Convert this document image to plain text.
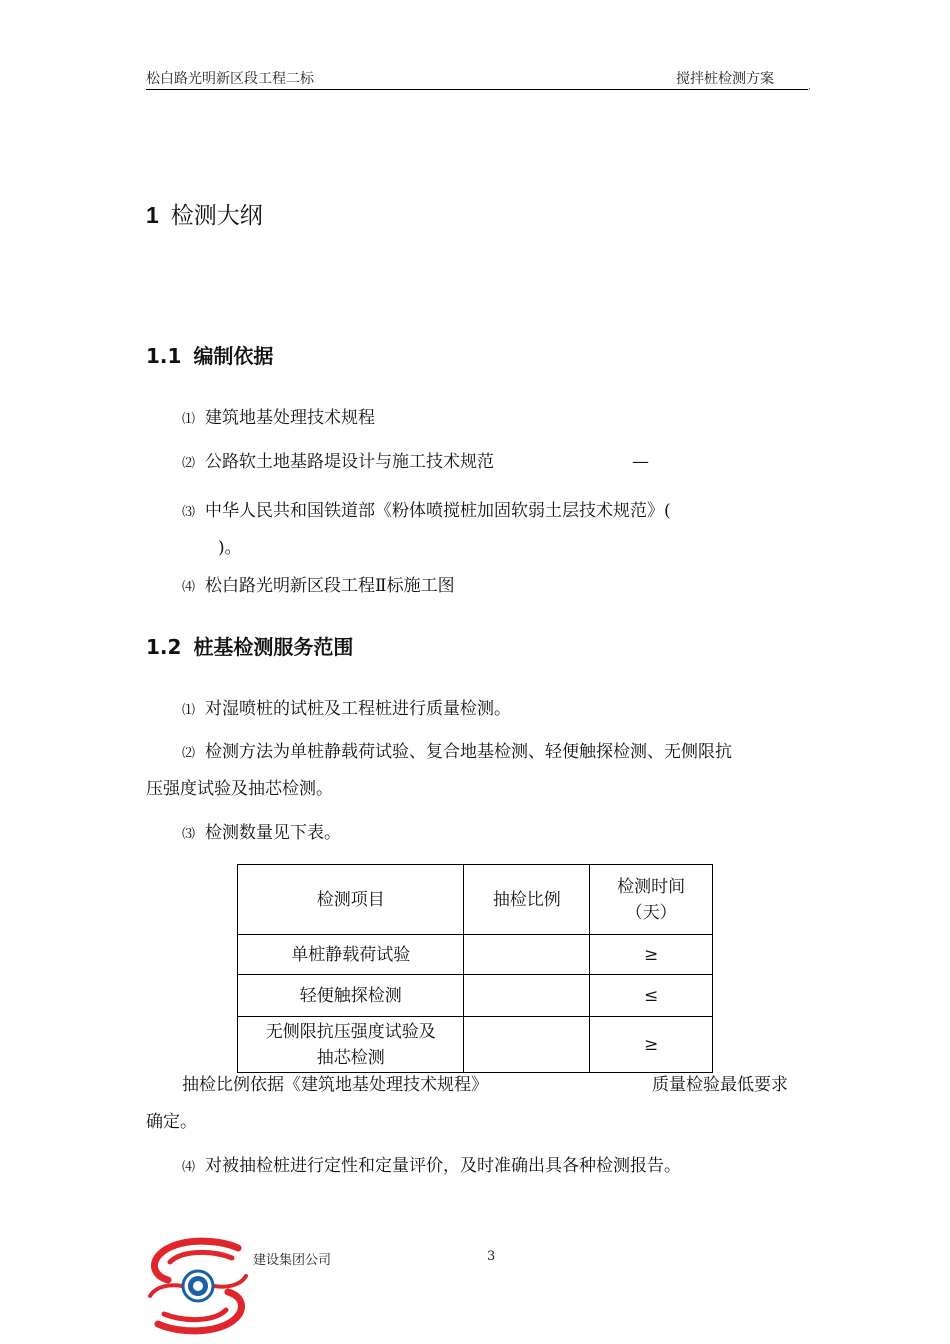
松白路光明新区段工程二标	搅拌桩检测方案	,
1 检测大纲
1.1 编制依据
⑴ 建筑地基处理技术规程
⑵ 公路软土地基路堤设计与施工技术规范	—
⑶ 中华人民共和国铁道部《粉体喷搅桩加固软弱土层技术规范》(
)。
⑷ 松白路光明新区段工程Ⅱ标施工图
1.2 桩基检测服务范围
⑴ 对湿喷桩的试桩及工程桩进行质量检测。
⑵ 检测方法为单桩静载荷试验、复合地基检测、轻便触探检测、无侧限抗
压强度试验及抽芯检测。
⑶ 检测数量见下表。
检测项目	抽检比例	检测时间
（天）

单桩静载荷试验		≥
轻便触探检测		≤

无侧限抗压强度试验及
抽芯检测		≥
抽检比例依据《建筑地基处理技术规程》	质量检验最低要求
确定。
⑷ 对被抽检桩进行定性和定量评价，及时准确出具各种检测报告。
建设集团公司	3
